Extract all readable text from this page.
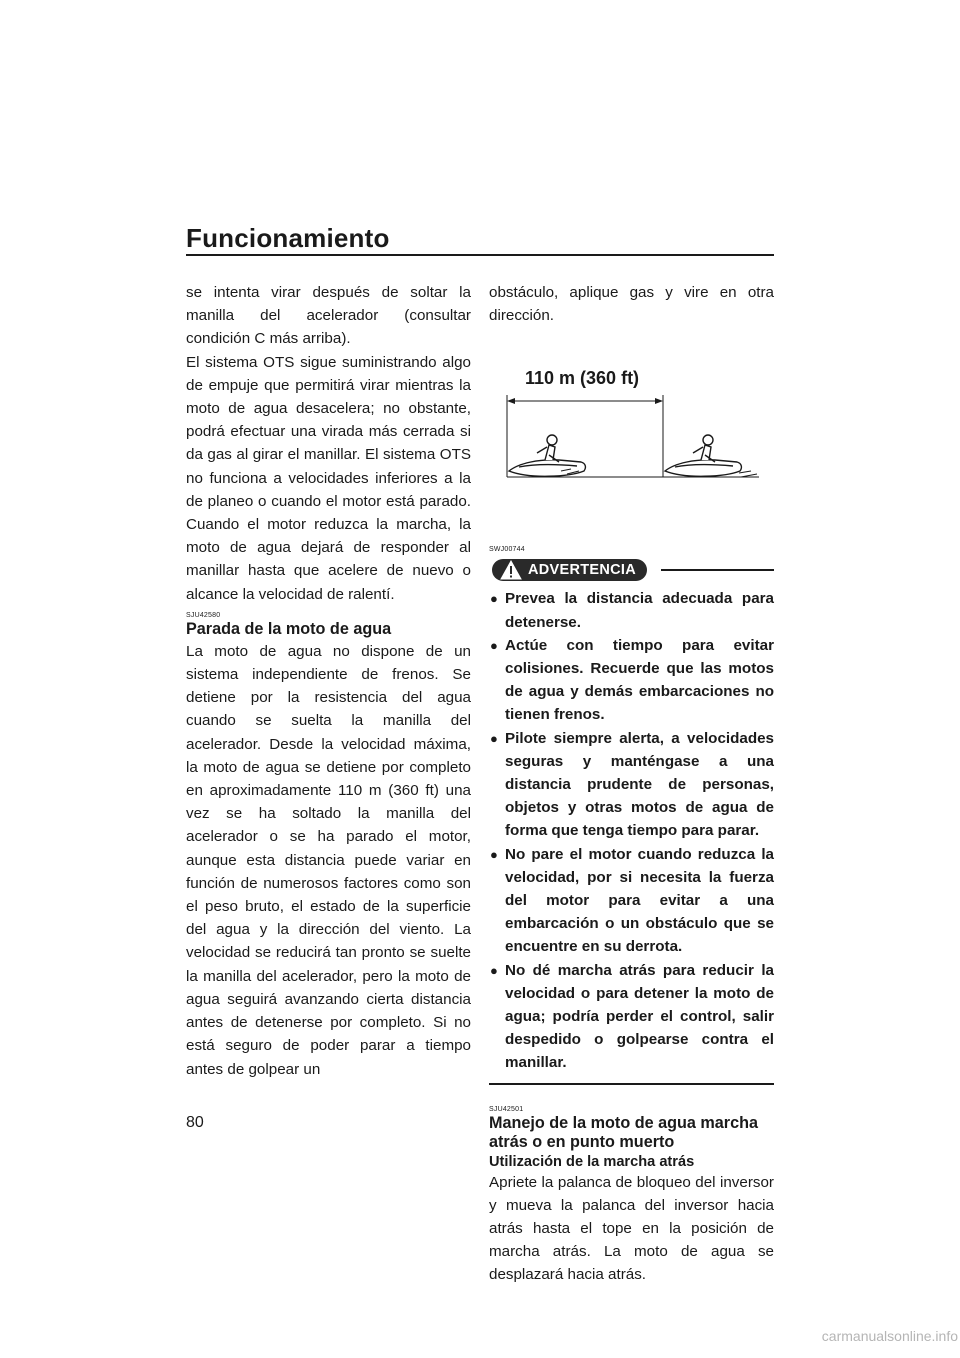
Funcionamiento

se intenta virar después de soltar la manilla del acelerador (consultar condición C más arriba).

El sistema OTS sigue suministrando algo de empuje que permitirá virar mientras la moto de agua desacelera; no obstante, podrá efectuar una virada más cerrada si da gas al girar el manillar. El sistema OTS no funciona a velocidades inferiores a la de planeo o cuando el motor está parado. Cuando el motor reduzca la marcha, la moto de agua dejará de responder al manillar hasta que acelere de nuevo o alcance la velocidad de ralentí.

SJU42580
Parada de la moto de agua

La moto de agua no dispone de un sistema independiente de frenos. Se detiene por la resistencia del agua cuando se suelta la manilla del acelerador. Desde la velocidad máxima, la moto de agua se detiene por completo en aproximadamente 110 m (360 ft) una vez se ha soltado la manilla del acelerador o se ha parado el motor, aunque esta distancia puede variar en función de numerosos factores como son el peso bruto, el estado de la superficie del agua y la dirección del viento. La velocidad se reducirá tan pronto se suelte la manilla del acelerador, pero la moto de agua seguirá avanzando cierta distancia antes de detenerse por completo. Si no está seguro de poder parar a tiempo antes de golpear un

80

obstáculo, aplique gas y vire en otra dirección.

110 m (360 ft)
SWJ00744
ADVERTENCIA
● Prevea la distancia adecuada para detenerse.
● Actúe con tiempo para evitar colisiones. Recuerde que las motos de agua y demás embarcaciones no tienen frenos.
● Pilote siempre alerta, a velocidades seguras y manténgase a una distancia prudente de personas, objetos y otras motos de agua de forma que tenga tiempo para parar.
● No pare el motor cuando reduzca la velocidad, por si necesita la fuerza del motor para evitar a una embarcación o un obstáculo que se encuentre en su derrota.
● No dé marcha atrás para reducir la velocidad o para detener la moto de agua; podría perder el control, salir despedido o golpearse contra el manillar.
SJU42501
Manejo de la moto de agua marcha atrás o en punto muerto
Utilización de la marcha atrás

Apriete la palanca de bloqueo del inversor y mueva la palanca del inversor hacia atrás hasta el tope en la posición de marcha atrás. La moto de agua se desplazará hacia atrás.

carmanualsonline.info
